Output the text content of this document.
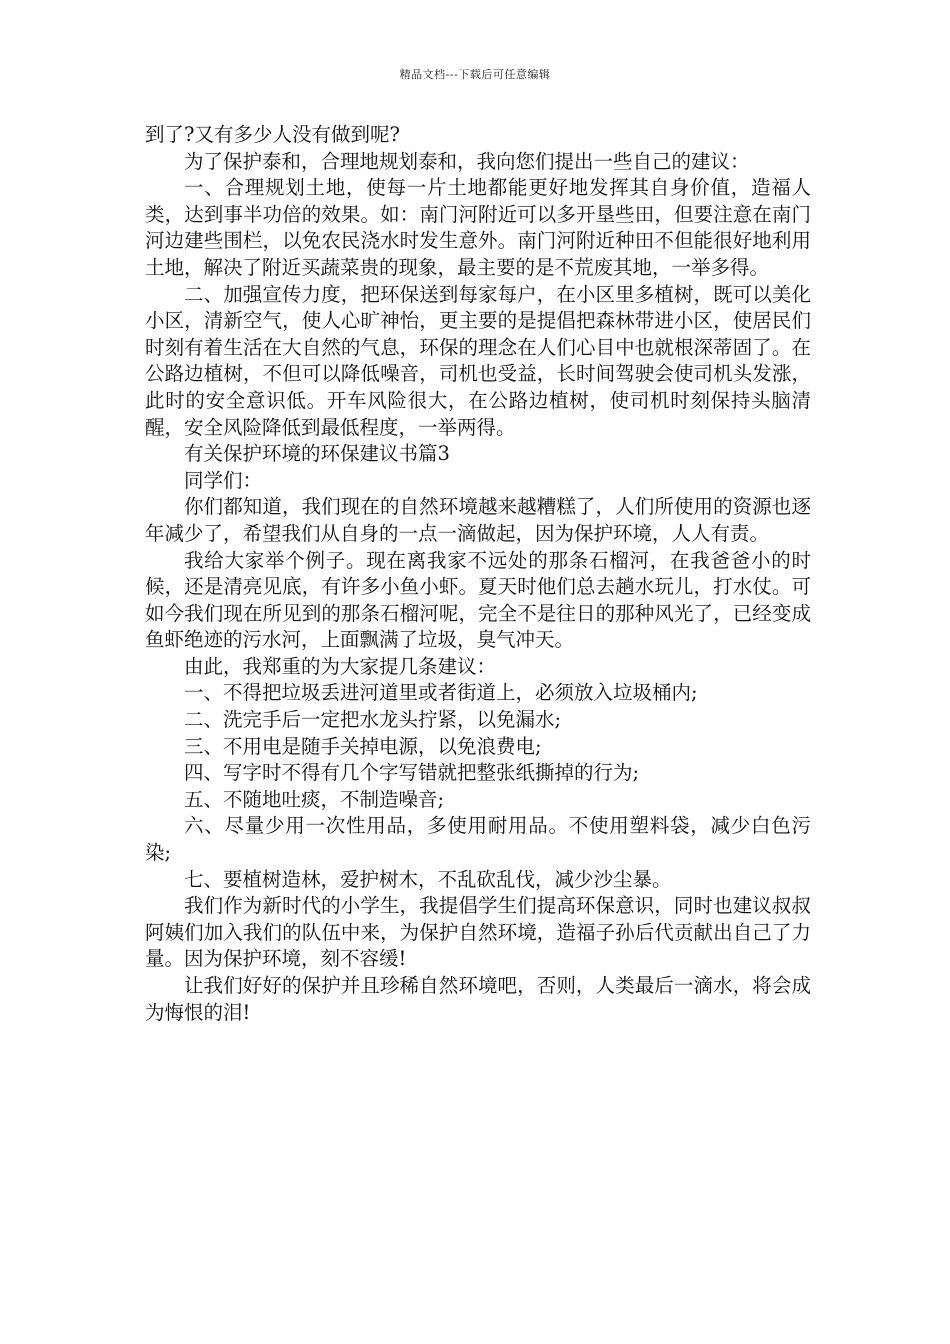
精品文档---下载后可任意编辑

到了?又有多少人没有做到呢?

为了保护泰和，合理地规划泰和，我向您们提出一些自己的建议：

一、合理规划土地，使每一片土地都能更好地发挥其自身价值，造福人类，达到事半功倍的效果。如：南门河附近可以多开垦些田，但要注意在南门河边建些围栏，以免农民浇水时发生意外。南门河附近种田不但能很好地利用土地，解决了附近买蔬菜贵的现象，最主要的是不荒废其地，一举多得。

二、加强宣传力度，把环保送到每家每户，在小区里多植树，既可以美化小区，清新空气，使人心旷神怡，更主要的是提倡把森林带进小区，使居民们时刻有着生活在大自然的气息，环保的理念在人们心目中也就根深蒂固了。在公路边植树，不但可以降低噪音，司机也受益，长时间驾驶会使司机头发涨，此时的安全意识低。开车风险很大，在公路边植树，使司机时刻保持头脑清醒，安全风险降低到最低程度，一举两得。

有关保护环境的环保建议书篇3

同学们：

你们都知道，我们现在的自然环境越来越糟糕了，人们所使用的资源也逐年减少了，希望我们从自身的一点一滴做起，因为保护环境，人人有责。

我给大家举个例子。现在离我家不远处的那条石榴河，在我爸爸小的时候，还是清亮见底，有许多小鱼小虾。夏天时他们总去趟水玩儿，打水仗。可如今我们现在所见到的那条石榴河呢，完全不是往日的那种风光了，已经变成鱼虾绝迹的污水河，上面飘满了垃圾，臭气冲天。

由此，我郑重的为大家提几条建议：

一、不得把垃圾丢进河道里或者街道上，必须放入垃圾桶内;

二、洗完手后一定把水龙头拧紧，以免漏水;

三、不用电是随手关掉电源，以免浪费电;

四、写字时不得有几个字写错就把整张纸撕掉的行为;

五、不随地吐痰，不制造噪音;

六、尽量少用一次性用品，多使用耐用品。不使用塑料袋，减少白色污染;

七、要植树造林，爱护树木，不乱砍乱伐，减少沙尘暴。

我们作为新时代的小学生，我提倡学生们提高环保意识，同时也建议叔叔阿姨们加入我们的队伍中来，为保护自然环境，造福子孙后代贡献出自己了力量。因为保护环境，刻不容缓!

让我们好好的保护并且珍稀自然环境吧，否则，人类最后一滴水，将会成为悔恨的泪!
